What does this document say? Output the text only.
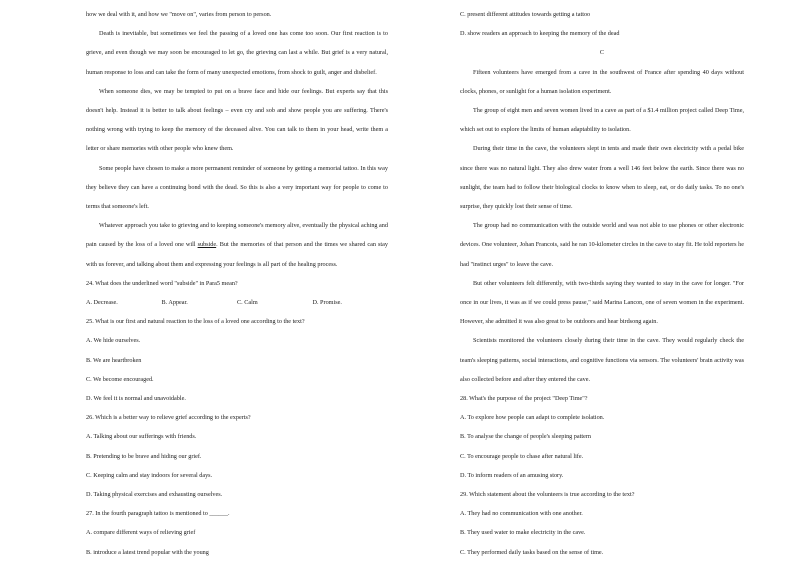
how we deal with it, and how we "move on", varies from person to person.

Death is inevitable, but sometimes we feel the passing of a loved one has come too soon. Our first reaction is to grieve, and even though we may soon be encouraged to let go, the grieving can last a while. But grief is a very natural, human response to loss and can take the form of many unexpected emotions, from shock to guilt, anger and disbelief.

When someone dies, we may be tempted to put on a brave face and hide our feelings. But experts say that this doesn't help. Instead it is better to talk about feelings – even cry and sob and show people you are suffering. There's nothing wrong with trying to keep the memory of the deceased alive. You can talk to them in your head, write them a letter or share memories with other people who knew them.

Some people have chosen to make a more permanent reminder of someone by getting a memorial tattoo. In this way they believe they can have a continuing bond with the dead. So this is also a very important way for people to come to terms that someone's left.

Whatever approach you take to grieving and to keeping someone's memory alive, eventually the physical aching and pain caused by the loss of a loved one will subside. But the memories of that person and the times we shared can stay with us forever, and talking about them and expressing your feelings is all part of the healing process.

24. What does the underlined word "subside" in Para5 mean?

A. Decrease.	B. Appear.	C. Calm	D. Promise.

25. What is our first and natural reaction to the loss of a loved one according to the text?

A. We hide ourselves.

B. We are heartbroken

C. We become encouraged.

D. We feel it is normal and unavoidable.

26. Which is a better way to relieve grief according to the experts?

A. Talking about our sufferings with friends.

B. Pretending to be brave and hiding our grief.

C. Keeping calm and stay indoors for several days.

D. Taking physical exercises and exhausting ourselves.

27. In the fourth paragraph tattoo is mentioned to ______.

A. compare different ways of relieving grief

B. introduce a latest trend popular with the young

C. present different attitudes towards getting a tattoo

D. show readers an approach to keeping the memory of the dead

C

Fifteen volunteers have emerged from a cave in the southwest of France after spending 40 days without clocks, phones, or sunlight for a human isolation experiment.

The group of eight men and seven women lived in a cave as part of a $1.4 million project called Deep Time, which set out to explore the limits of human adaptability to isolation.

During their time in the cave, the volunteers slept in tents and made their own electricity with a pedal bike since there was no natural light. They also drew water from a well 146 feet below the earth. Since there was no sunlight, the team had to follow their biological clocks to know when to sleep, eat, or do daily tasks. To no one's surprise, they quickly lost their sense of time.

The group had no communication with the outside world and was not able to use phones or other electronic devices. One volunteer, Johan Francois, said he ran 10-kilometer circles in the cave to stay fit. He told reporters he had "instinct urges" to leave the cave.

But other volunteers felt differently, with two-thirds saying they wanted to stay in the cave for longer. "For once in our lives, it was as if we could press pause," said Marina Lancon, one of seven women in the experiment. However, she admitted it was also great to be outdoors and hear birdsong again.

Scientists monitored the volunteers closely during their time in the cave. They would regularly check the team's sleeping patterns, social interactions, and cognitive functions via sensors. The volunteers' brain activity was also collected before and after they entered the cave.

28. What's the purpose of the project "Deep Time"?

A. To explore how people can adapt to complete isolation.

B. To analyse the change of people's sleeping pattern

C. To encourage people to chase after natural life.

D. To inform readers of an amusing story.

29. Which statement about the volunteers is true according to the text?

A. They had no communication with one another.

B. They used water to make electricity in the cave.

C. They performed daily tasks based on the sense of time.
